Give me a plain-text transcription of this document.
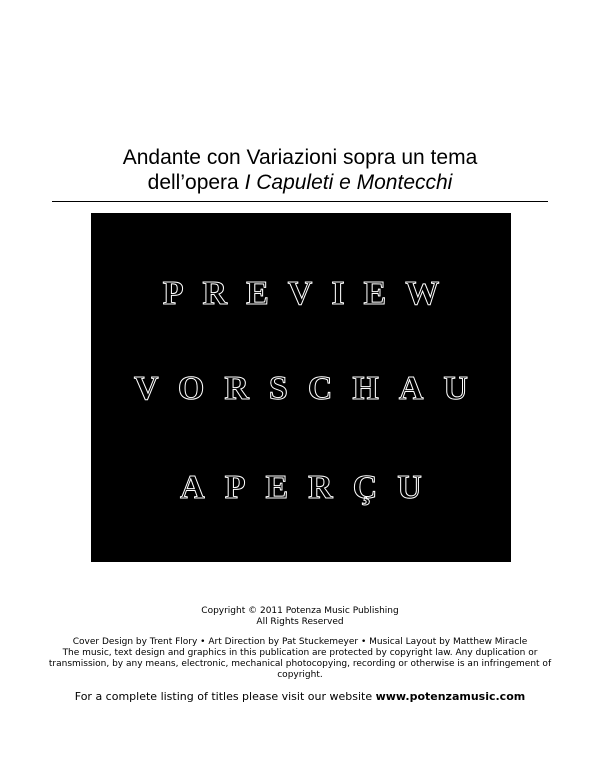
Andante con Variazioni sopra un tema
dell’opera I Capuleti e Montecchi
PREVIEW
VORSCHAU
APERÇU
Copyright © 2011 Potenza Music Publishing
All Rights Reserved
Cover Design by Trent Flory • Art Direction by Pat Stuckemeyer • Musical Layout by Matthew Miracle
The music, text design and graphics in this publication are protected by copyright law. Any duplication or
transmission, by any means, electronic, mechanical photocopying, recording or otherwise is an infringement of
copyright.
For a complete listing of titles please visit our website www.potenzamusic.com
